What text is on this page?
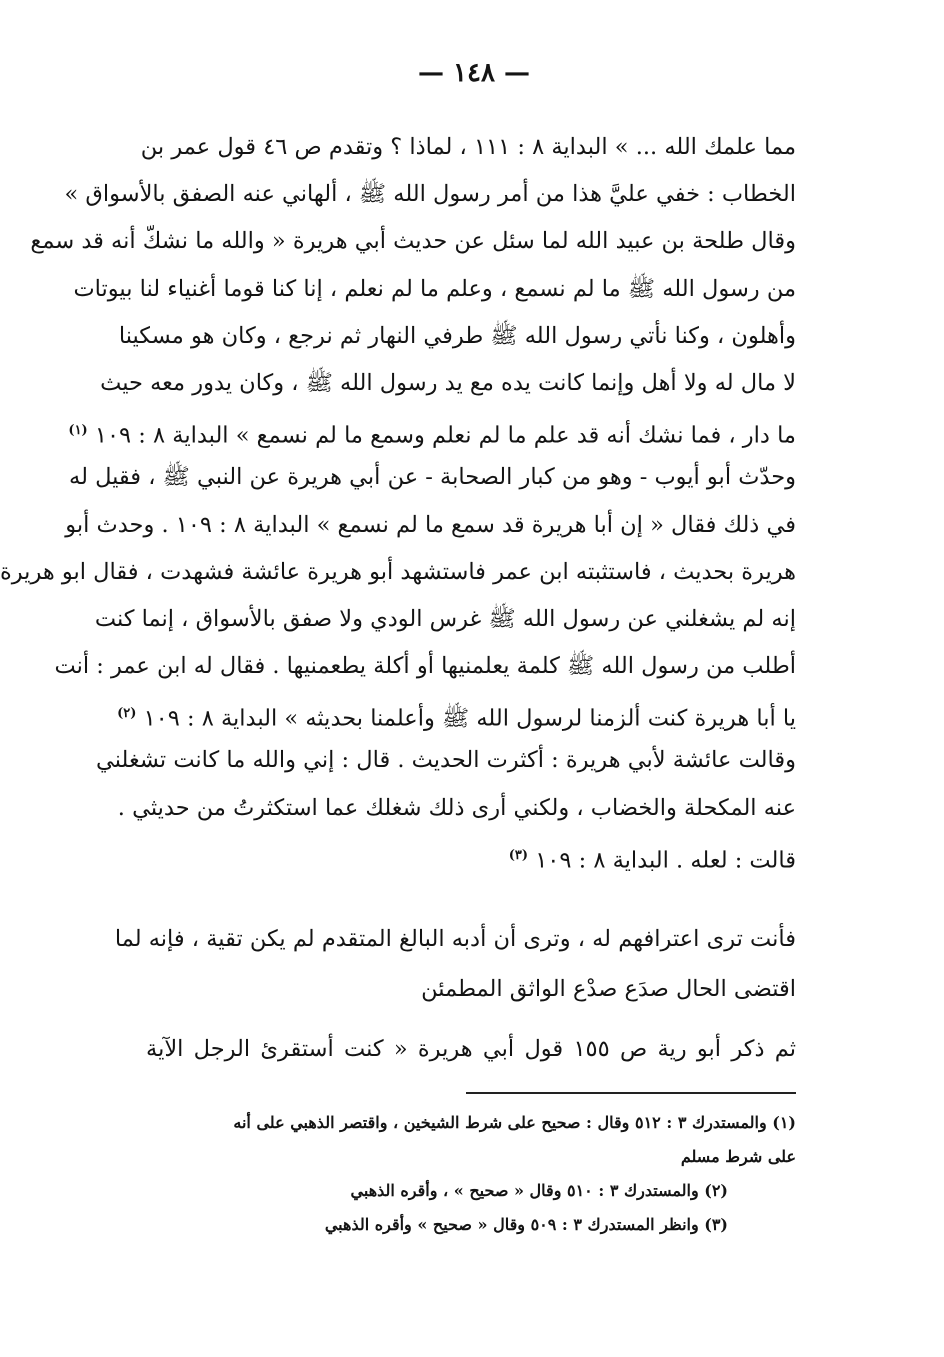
— ١٤٨ —
مما علمك الله ... » البداية ٨ : ١١١ ، لماذا ؟ وتقدم ص ٤٦ قول عمر بن
الخطاب : خفي عليَّ هذا من أمر رسول الله ﷺ ، ألهاني عنه الصفق بالأسواق »
وقال طلحة بن عبيد الله لما سئل عن حديث أبي هريرة « والله ما نشكّ أنه قد سمع
من رسول الله ﷺ ما لم نسمع ، وعلم ما لم نعلم ، إنا كنا قوما أغنياء لنا بيوتات
وأهلون ، وكنا نأتي رسول الله ﷺ طرفي النهار ثم نرجع ، وكان هو مسكينا
لا مال له ولا أهل وإنما كانت يده مع يد رسول الله ﷺ ، وكان يدور معه حيث
ما دار ، فما نشك أنه قد علم ما لم نعلم وسمع ما لم نسمع » البداية ٨ : ١٠٩ $^{(١)}$
وحدّث أبو أيوب - وهو من كبار الصحابة - عن أبي هريرة عن النبي ﷺ ، فقيل له
في ذلك فقال « إن أبا هريرة قد سمع ما لم نسمع » البداية ٨ : ١٠٩ . وحدث أبو
هريرة بحديث ، فاستثبته ابن عمر فاستشهد أبو هريرة عائشة فشهدت ، فقال ابو هريرة
إنه لم يشغلني عن رسول الله ﷺ غرس الودي ولا صفق بالأسواق ، إنما كنت
أطلب من رسول الله ﷺ كلمة يعلمنيها أو أكلة يطعمنيها . فقال له ابن عمر : أنت
يا أبا هريرة كنت ألزمنا لرسول الله ﷺ وأعلمنا بحديثه » البداية ٨ : ١٠٩ $^{(٢)}$
وقالت عائشة لأبي هريرة : أكثرت الحديث . قال : إني والله ما كانت تشغلني
عنه المكحلة والخضاب ، ولكني أرى ذلك شغلك عما استكثرتُ من حديثي .
قالت : لعله . البداية ٨ : ١٠٩ $^{(٣)}$
فأنت ترى اعترافهم له ، وترى أن أدبه البالغ المتقدم لم يكن تقية ، فإنه لما
اقتضى الحال صدَع صدْع الواثق المطمئن
ثم ذكر أبو رية ص ١٥٥ قول أبي هريرة « كنت أستقرئ الرجل الآية
(١) والمستدرك ٣ : ٥١٢ وقال : صحيح على شرط الشيخين ، واقتصر الذهبي على أنه
على شرط مسلم
(٢) والمستدرك ٣ : ٥١٠ وقال « صحيح » ، وأقره الذهبي
(٣) وانظر المستدرك ٣ : ٥٠٩ وقال « صحيح » وأقره الذهبي
